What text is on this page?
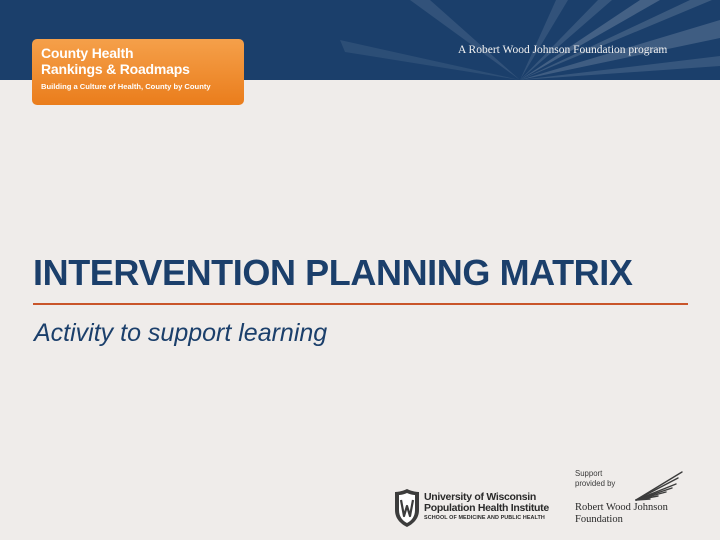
A Robert Wood Johnson Foundation program
County Health
Rankings & Roadmaps
Building a Culture of Health, County by County
INTERVENTION PLANNING MATRIX
Activity to support learning
University of Wisconsin
Population Health Institute
SCHOOL OF MEDICINE AND PUBLIC HEALTH
Support
provided by
Robert Wood Johnson
Foundation
